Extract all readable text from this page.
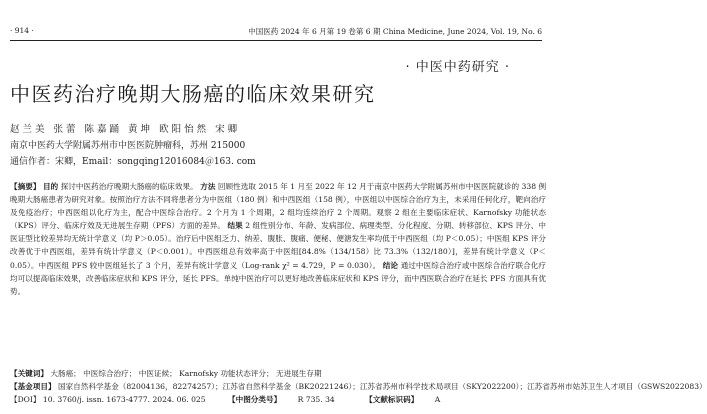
· 914 ·	中国医药 2024 年 6 月第 19 卷第 6 期 China Medicine, June 2024, Vol. 19, No. 6
· 中医中药研究 ·
中医药治疗晚期大肠癌的临床效果研究
赵兰美 张蕾 陈嘉踊 黄坤 欧阳怡然 宋卿
南京中医药大学附属苏州市中医医院肿瘤科，苏州 215000
通信作者：宋卿，Email：songqing12016084＠163. com
【摘要】 目的 探讨中医药治疗晚期大肠癌的临床效果。 方法 回顾性选取 2015 年 1 月至 2022 年 12 月于南京中医药大学附属苏州市中医医院就诊的 338 例晚期大肠癌患者为研究对象。按照治疗方法不同将患者分为中医组（180 例）和中西医组（158 例），中医组以中医综合治疗为主，未采用任何化疗，靶向治疗及免疫治疗；中西医组以化疗为主，配合中医综合治疗。2 个月为 1 个周期，2 组均连续治疗 2 个周期。观察 2 组在主要临床症状、Karnofsky 功能状态（KPS）评分、临床疗效及无进展生存期（PFS）方面的差异。 结果 2 组性别分布、年龄、发病部位、病理类型、分化程度、分期、转移部位、KPS 评分、中医证型比较差异均无统计学意义（均 P＞0.05）。治疗后中医组乏力、纳差、腹胀、腹痛、便秘、便溏发生率均低于中西医组（均 P＜0.05）；中医组 KPS 评分改善优于中西医组，差异有统计学意义（P＜0.001）。中西医组总有效率高于中医组[84.8%（134/158）比 73.3%（132/180）]，差异有统计学意义（P＜0.05）。中西医组 PFS 较中医组延长了 3 个月，差异有统计学意义（Log-rank χ² = 4.729，P = 0.030）。 结论 通过中医综合治疗或中医综合治疗联合化疗均可以提高临床效果，改善临床症状和 KPS 评分，延长 PFS。单纯中医治疗可以更好地改善临床症状和 KPS 评分，而中西医联合治疗在延长 PFS 方面具有优势。
【关键词】 大肠癌； 中医综合治疗； 中医证候； Karnofsky 功能状态评分； 无进展生存期
【基金项目】 国家自然科学基金（82004136，82274257）；江苏省自然科学基金（BK20221246）；江苏省苏州市科学技术局项目（SKY2022200）；江苏省苏州市姑苏卫生人才项目（GSWS2022083）
【DOI】 10. 3760/j. issn. 1673-4777. 2024. 06. 025	【中图分类号】 R 735. 34	【文献标识码】 A
